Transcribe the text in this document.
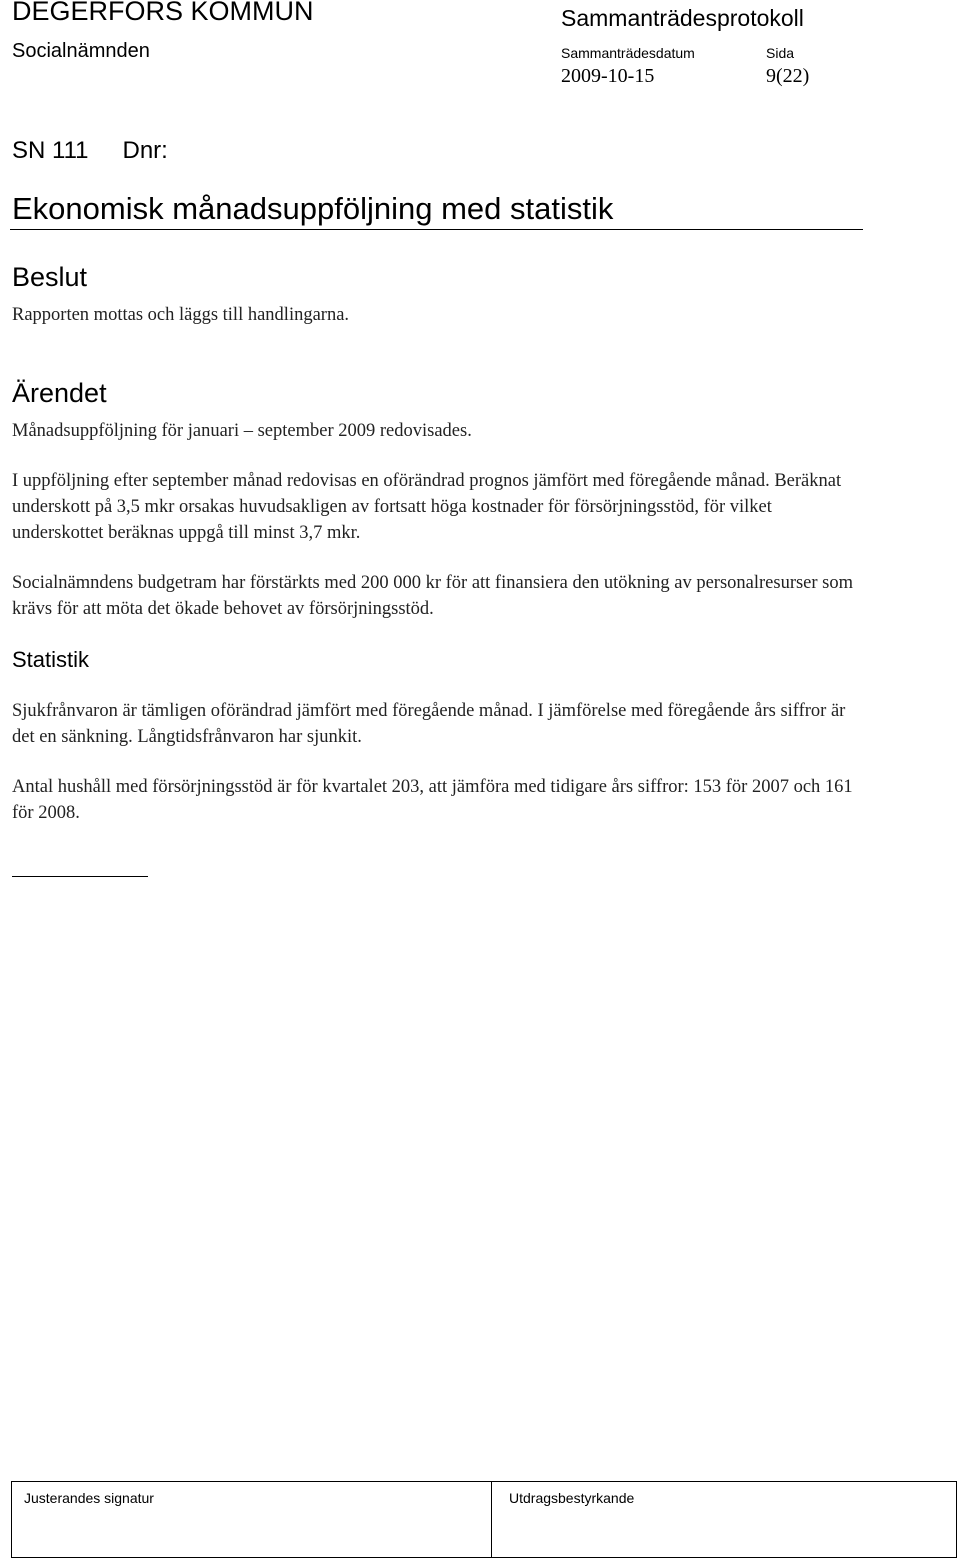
DEGERFORS KOMMUN
Socialnämnden
Sammanträdesprotokoll
Sammanträdesdatum	Sida
2009-10-15	9(22)
SN 111 Dnr:
Ekonomisk månadsuppföljning med statistik
Beslut
Rapporten mottas och läggs till handlingarna.
Ärendet
Månadsuppföljning för januari – september 2009 redovisades.
I uppföljning efter september månad redovisas en oförändrad prognos jämfört med föregående månad. Beräknat underskott på 3,5 mkr orsakas huvudsakligen av fortsatt höga kostnader för försörjningsstöd, för vilket underskottet beräknas uppgå till minst 3,7 mkr.
Socialnämndens budgetram har förstärkts med 200 000 kr för att finansiera den utökning av personalresurser som krävs för att möta det ökade behovet av försörjningsstöd.
Statistik
Sjukfrånvaron är tämligen oförändrad jämfört med föregående månad. I jämförelse med föregående års siffror är det en sänkning. Långtidsfrånvaron har sjunkit.
Antal hushåll med försörjningsstöd är för kvartalet 203, att jämföra med tidigare års siffror: 153 för 2007 och 161 för 2008.
Justerandes signatur	Utdragsbestyrkande
